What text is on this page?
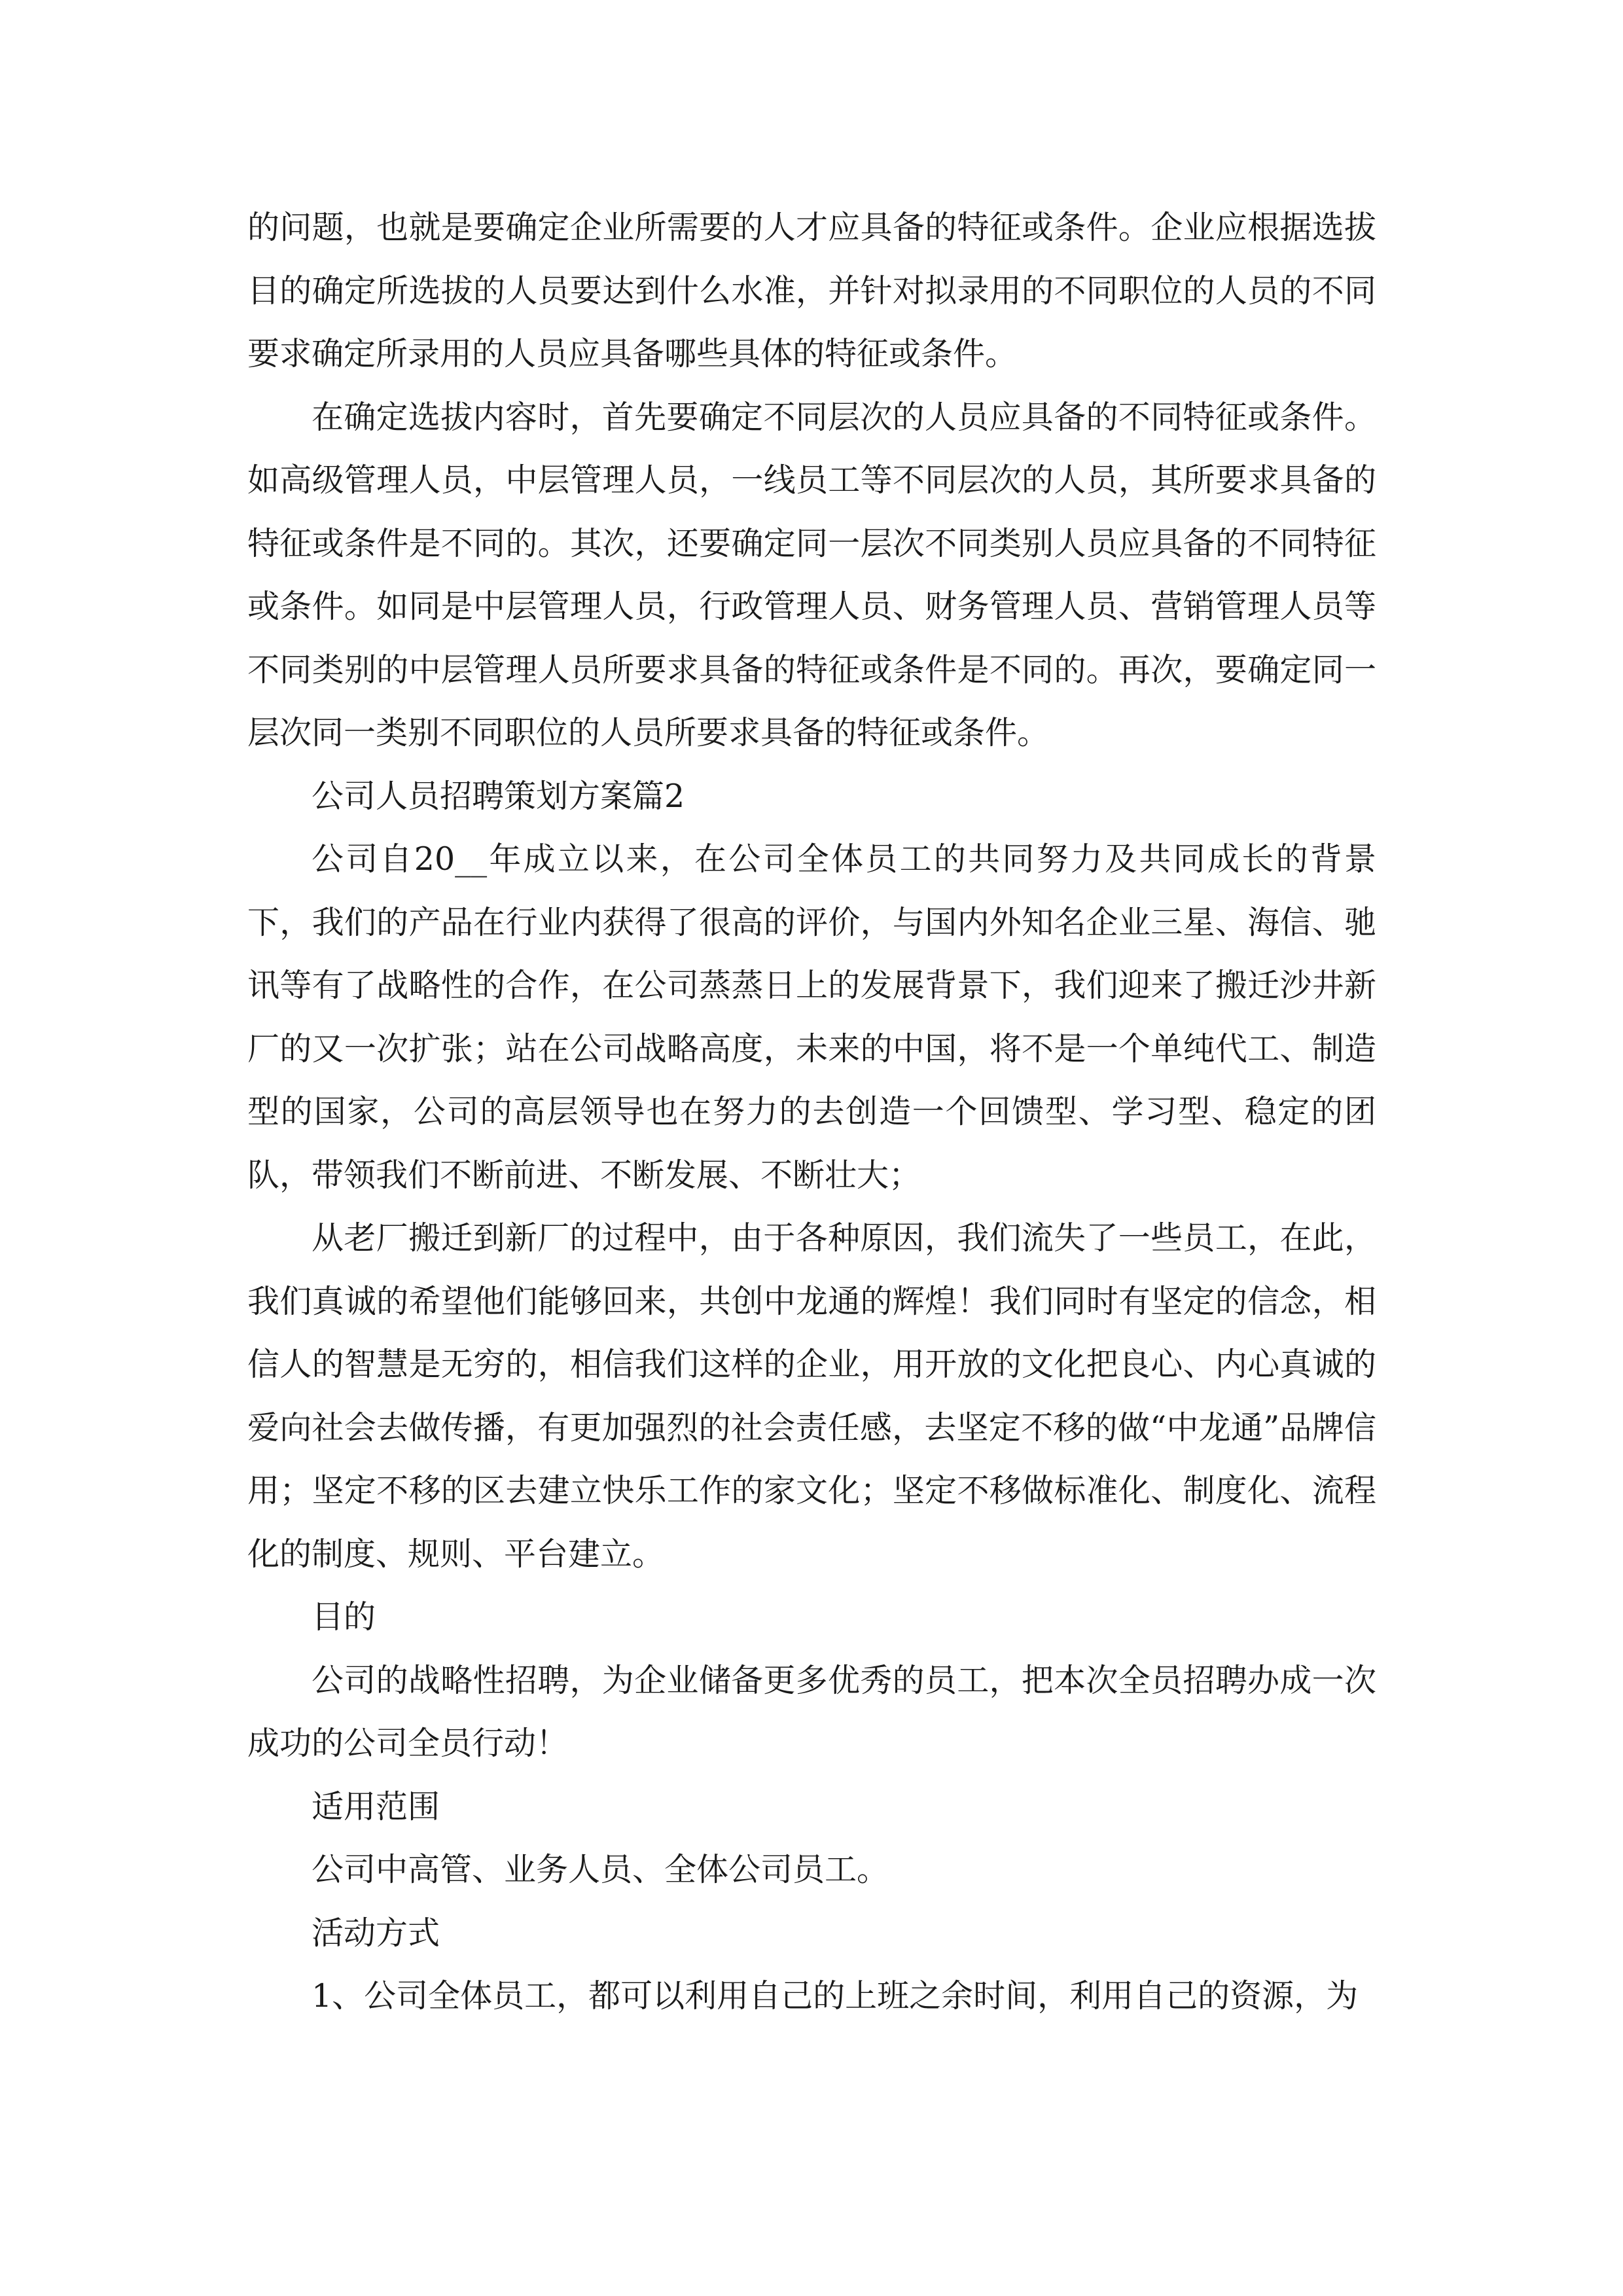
的问题，也就是要确定企业所需要的人才应具备的特征或条件。企业应根据选拔目的确定所选拔的人员要达到什么水准，并针对拟录用的不同职位的人员的不同要求确定所录用的人员应具备哪些具体的特征或条件。

在确定选拔内容时，首先要确定不同层次的人员应具备的不同特征或条件。如高级管理人员，中层管理人员，一线员工等不同层次的人员，其所要求具备的特征或条件是不同的。其次，还要确定同一层次不同类别人员应具备的不同特征或条件。如同是中层管理人员，行政管理人员、财务管理人员、营销管理人员等不同类别的中层管理人员所要求具备的特征或条件是不同的。再次，要确定同一层次同一类别不同职位的人员所要求具备的特征或条件。

公司人员招聘策划方案篇2

公司自20__年成立以来，在公司全体员工的共同努力及共同成长的背景下，我们的产品在行业内获得了很高的评价，与国内外知名企业三星、海信、驰讯等有了战略性的合作，在公司蒸蒸日上的发展背景下，我们迎来了搬迁沙井新厂的又一次扩张；站在公司战略高度，未来的中国，将不是一个单纯代工、制造型的国家，公司的高层领导也在努力的去创造一个回馈型、学习型、稳定的团队，带领我们不断前进、不断发展、不断壮大；

从老厂搬迁到新厂的过程中，由于各种原因，我们流失了一些员工，在此，我们真诚的希望他们能够回来，共创中龙通的辉煌！我们同时有坚定的信念，相信人的智慧是无穷的，相信我们这样的企业，用开放的文化把良心、内心真诚的爱向社会去做传播，有更加强烈的社会责任感，去坚定不移的做“中龙通”品牌信用；坚定不移的区去建立快乐工作的家文化；坚定不移做标准化、制度化、流程化的制度、规则、平台建立。

目的

公司的战略性招聘，为企业储备更多优秀的员工，把本次全员招聘办成一次成功的公司全员行动！

适用范围

公司中高管、业务人员、全体公司员工。

活动方式

1、公司全体员工，都可以利用自己的上班之余时间，利用自己的资源，为
